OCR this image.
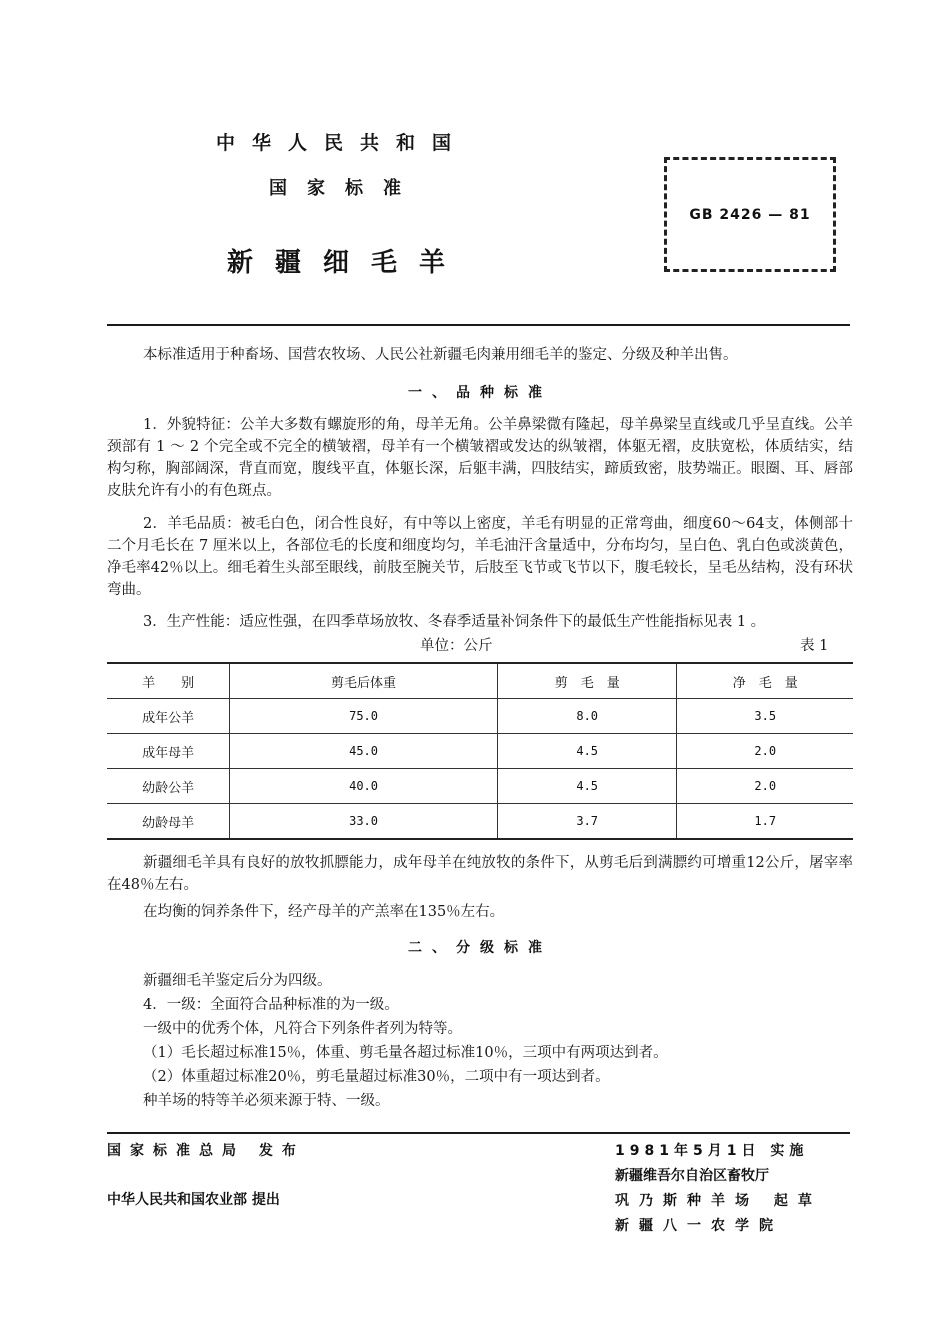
中华人民共和国
国家标准
新疆细毛羊
GB 2426 — 81
本标准适用于种畜场、国营农牧场、人民公社新疆毛肉兼用细毛羊的鉴定、分级及种羊出售。
一、品种标准
1．外貌特征：公羊大多数有螺旋形的角，母羊无角。公羊鼻梁微有隆起，母羊鼻梁呈直线或几乎呈直线。公羊颈部有 1 ～ 2 个完全或不完全的横皱褶，母羊有一个横皱褶或发达的纵皱褶，体躯无褶，皮肤宽松，体质结实，结构匀称，胸部阔深，背直而宽，腹线平直，体躯长深，后躯丰满，四肢结实，蹄质致密，肢势端正。眼圈、耳、唇部皮肤允许有小的有色斑点。
2．羊毛品质：被毛白色，闭合性良好，有中等以上密度，羊毛有明显的正常弯曲，细度60～64支，体侧部十二个月毛长在 7 厘米以上，各部位毛的长度和细度均匀，羊毛油汗含量适中，分布均匀，呈白色、乳白色或淡黄色，净毛率42％以上。细毛着生头部至眼线，前肢至腕关节，后肢至飞节或飞节以下，腹毛较长，呈毛丛结构，没有环状弯曲。
3．生产性能：适应性强，在四季草场放牧、冬春季适量补饲条件下的最低生产性能指标见表 1 。
单位：公斤	表 1
羊　　别	剪毛后体重	剪　毛　量	净　毛　量
成年公羊	75.0	8.0	3.5
成年母羊	45.0	4.5	2.0
幼龄公羊	40.0	4.5	2.0
幼龄母羊	33.0	3.7	1.7
新疆细毛羊具有良好的放牧抓膘能力，成年母羊在纯放牧的条件下，从剪毛后到满膘约可增重12公斤，屠宰率在48％左右。
在均衡的饲养条件下，经产母羊的产羔率在135％左右。
二、分级标准
新疆细毛羊鉴定后分为四级。
4．一级：全面符合品种标准的为一级。
一级中的优秀个体，凡符合下列条件者列为特等。
（1）毛长超过标准15％，体重、剪毛量各超过标准10％，三项中有两项达到者。
（2）体重超过标准20％，剪毛量超过标准30％，二项中有一项达到者。
种羊场的特等羊必须来源于特、一级。
国家标准总局 发布
中华人民共和国农业部 提出
1981年5月1日 实施
新疆维吾尔自治区畜牧厅
巩乃斯种羊场 起草
新疆八一农学院
